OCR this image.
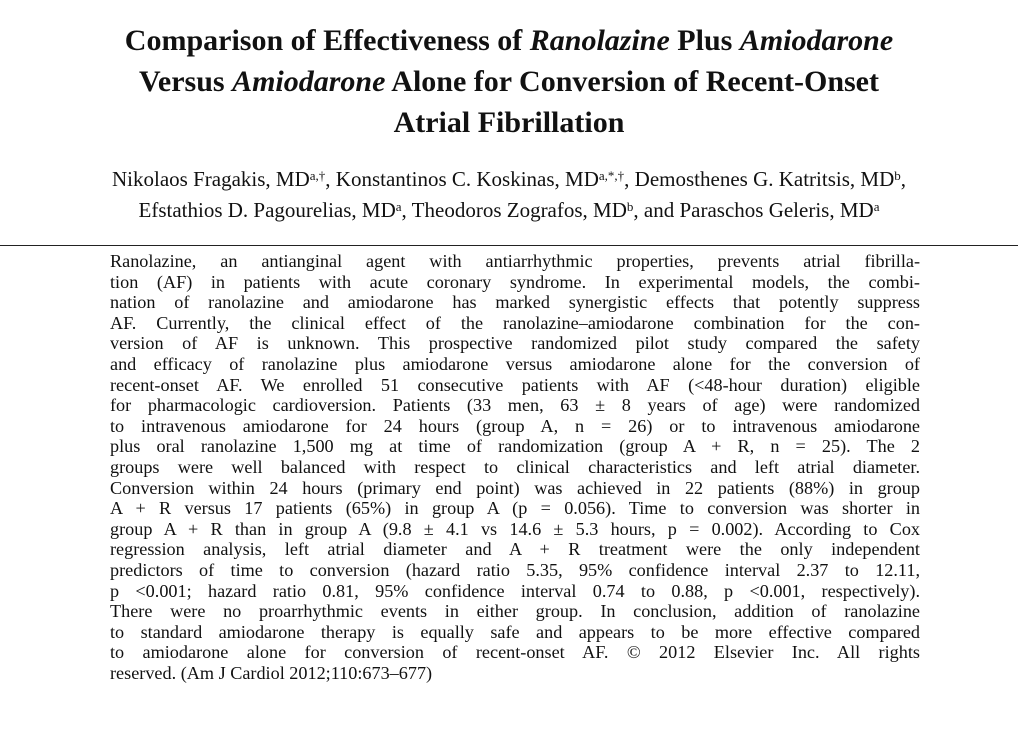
Comparison of Effectiveness of Ranolazine Plus Amiodarone
Versus Amiodarone Alone for Conversion of Recent-Onset
Atrial Fibrillation
Nikolaos Fragakis, $MD^{a,\dagger}$, Konstantinos C. Koskinas, $MD^{a,*,\dagger}$, Demosthenes G. Katritsis, $MD^b$,
Efstathios D. Pagourelias, $MD^a$, Theodoros Zografos, $MD^b$, and Paraschos Geleris, $MD^a$
Ranolazine, an antianginal agent with antiarrhythmic properties, prevents atrial fibrilla-
tion (AF) in patients with acute coronary syndrome. In experimental models, the combi-
nation of ranolazine and amiodarone has marked synergistic effects that potently suppress
AF. Currently, the clinical effect of the ranolazine–amiodarone combination for the con-
version of AF is unknown. This prospective randomized pilot study compared the safety
and efficacy of ranolazine plus amiodarone versus amiodarone alone for the conversion of
recent-onset AF. We enrolled 51 consecutive patients with AF (<48-hour duration) eligible
for pharmacologic cardioversion. Patients (33 men, 63 ± 8 years of age) were randomized
to intravenous amiodarone for 24 hours (group A, n = 26) or to intravenous amiodarone
plus oral ranolazine 1,500 mg at time of randomization (group A + R, n = 25). The 2
groups were well balanced with respect to clinical characteristics and left atrial diameter.
Conversion within 24 hours (primary end point) was achieved in 22 patients (88%) in group
A + R versus 17 patients (65%) in group A (p = 0.056). Time to conversion was shorter in
group A + R than in group A (9.8 ± 4.1 vs 14.6 ± 5.3 hours, p = 0.002). According to Cox
regression analysis, left atrial diameter and A + R treatment were the only independent
predictors of time to conversion (hazard ratio 5.35, 95% confidence interval 2.37 to 12.11,
p <0.001; hazard ratio 0.81, 95% confidence interval 0.74 to 0.88, p <0.001, respectively).
There were no proarrhythmic events in either group. In conclusion, addition of ranolazine
to standard amiodarone therapy is equally safe and appears to be more effective compared
to amiodarone alone for conversion of recent-onset AF. © 2012 Elsevier Inc. All rights
reserved. (Am J Cardiol 2012;110:673–677)
